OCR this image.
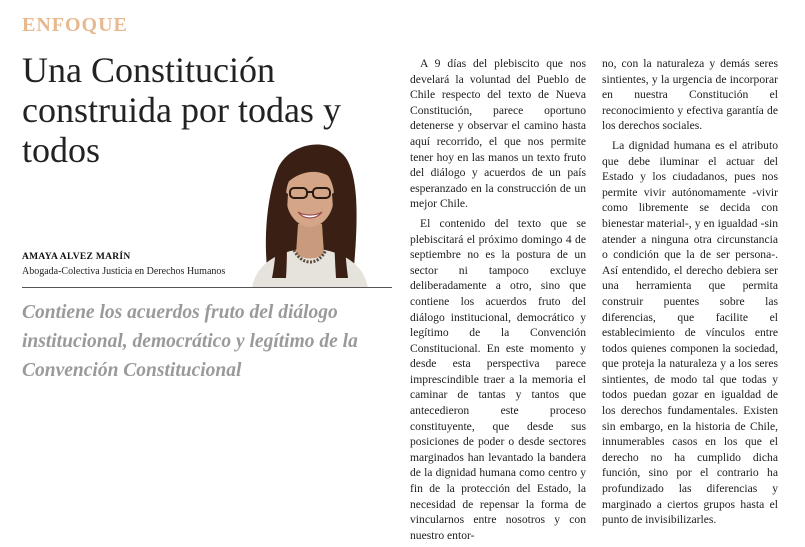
ENFOQUE
Una Constitución construida por todas y todos
AMAYA ALVEZ MARÍN
Abogada-Colectiva Justicia en Derechos Humanos

Contiene los acuerdos fruto del diálogo institucional, democrático y legítimo de la Convención Constitucional

A 9 días del plebiscito que nos develará la voluntad del Pueblo de Chile respecto del texto de Nueva Constitución, parece oportuno detenerse y observar el camino hasta aquí recorrido, el que nos permite tener hoy en las manos un texto fruto del diálogo y acuerdos de un país esperanzado en la construcción de un mejor Chile.

El contenido del texto que se plebiscitará el próximo domingo 4 de septiembre no es la postura de un sector ni tampoco excluye deliberadamente a otro, sino que contiene los acuerdos fruto del diálogo institucional, democrático y legítimo de la Convención Constitucional. En este momento y desde esta perspectiva parece imprescindible traer a la memoria el caminar de tantas y tantos que antecedieron este proceso constituyente, que desde sus posiciones de poder o desde sectores marginados han levantado la bandera de la dignidad humana como centro y fin de la protección del Estado, la necesidad de repensar la forma de vincularnos entre nosotros y con nuestro entor-

no, con la naturaleza y demás seres sintientes, y la urgencia de incorporar en nuestra Constitución el reconocimiento y efectiva garantía de los derechos sociales.

La dignidad humana es el atributo que debe iluminar el actuar del Estado y los ciudadanos, pues nos permite vivir autónomamente -vivir como libremente se decida con bienestar material-, y en igualdad -sin atender a ninguna otra circunstancia o condición que la de ser persona-. Así entendido, el derecho debiera ser una herramienta que permita construir puentes sobre las diferencias, que facilite el establecimiento de vínculos entre todos quienes componen la sociedad, que proteja la naturaleza y a los seres sintientes, de modo tal que todas y todos puedan gozar en igualdad de los derechos fundamentales. Existen sin embargo, en la historia de Chile, innumerables casos en los que el derecho no ha cumplido dicha función, sino por el contrario ha profundizado las diferencias y marginado a ciertos grupos hasta el punto de invisibilizarles.
